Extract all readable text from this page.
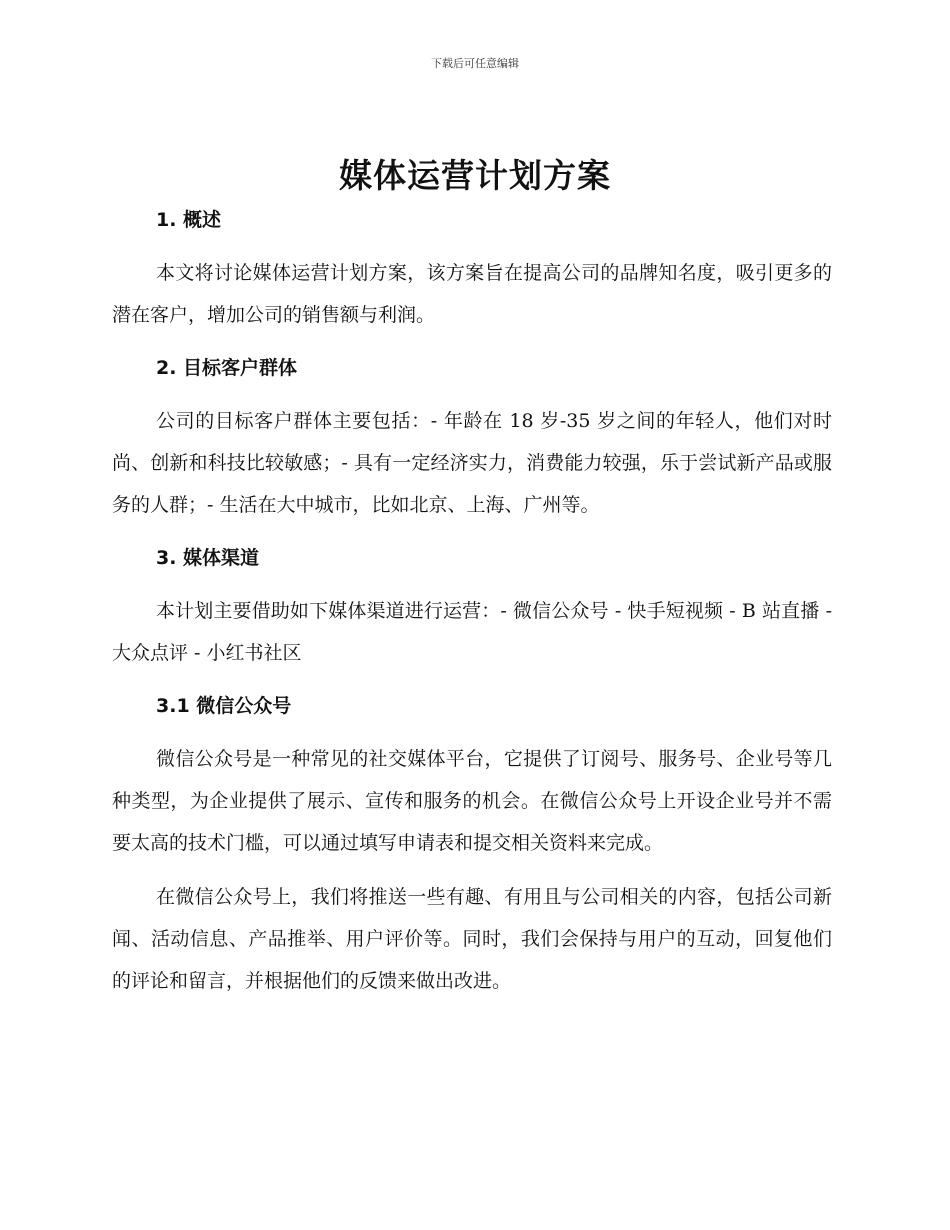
下载后可任意编辑
媒体运营计划方案
1. 概述

本文将讨论媒体运营计划方案，该方案旨在提高公司的品牌知名度，吸引更多的潜在客户，增加公司的销售额与利润。

2. 目标客户群体

公司的目标客户群体主要包括：- 年龄在 18 岁-35 岁之间的年轻人，他们对时尚、创新和科技比较敏感；- 具有一定经济实力，消费能力较强，乐于尝试新产品或服务的人群；- 生活在大中城市，比如北京、上海、广州等。

3. 媒体渠道

本计划主要借助如下媒体渠道进行运营：- 微信公众号 - 快手短视频 - B 站直播 - 大众点评 - 小红书社区

3.1 微信公众号

微信公众号是一种常见的社交媒体平台，它提供了订阅号、服务号、企业号等几种类型，为企业提供了展示、宣传和服务的机会。在微信公众号上开设企业号并不需要太高的技术门槛，可以通过填写申请表和提交相关资料来完成。

在微信公众号上，我们将推送一些有趣、有用且与公司相关的内容，包括公司新闻、活动信息、产品推举、用户评价等。同时，我们会保持与用户的互动，回复他们的评论和留言，并根据他们的反馈来做出改进。
